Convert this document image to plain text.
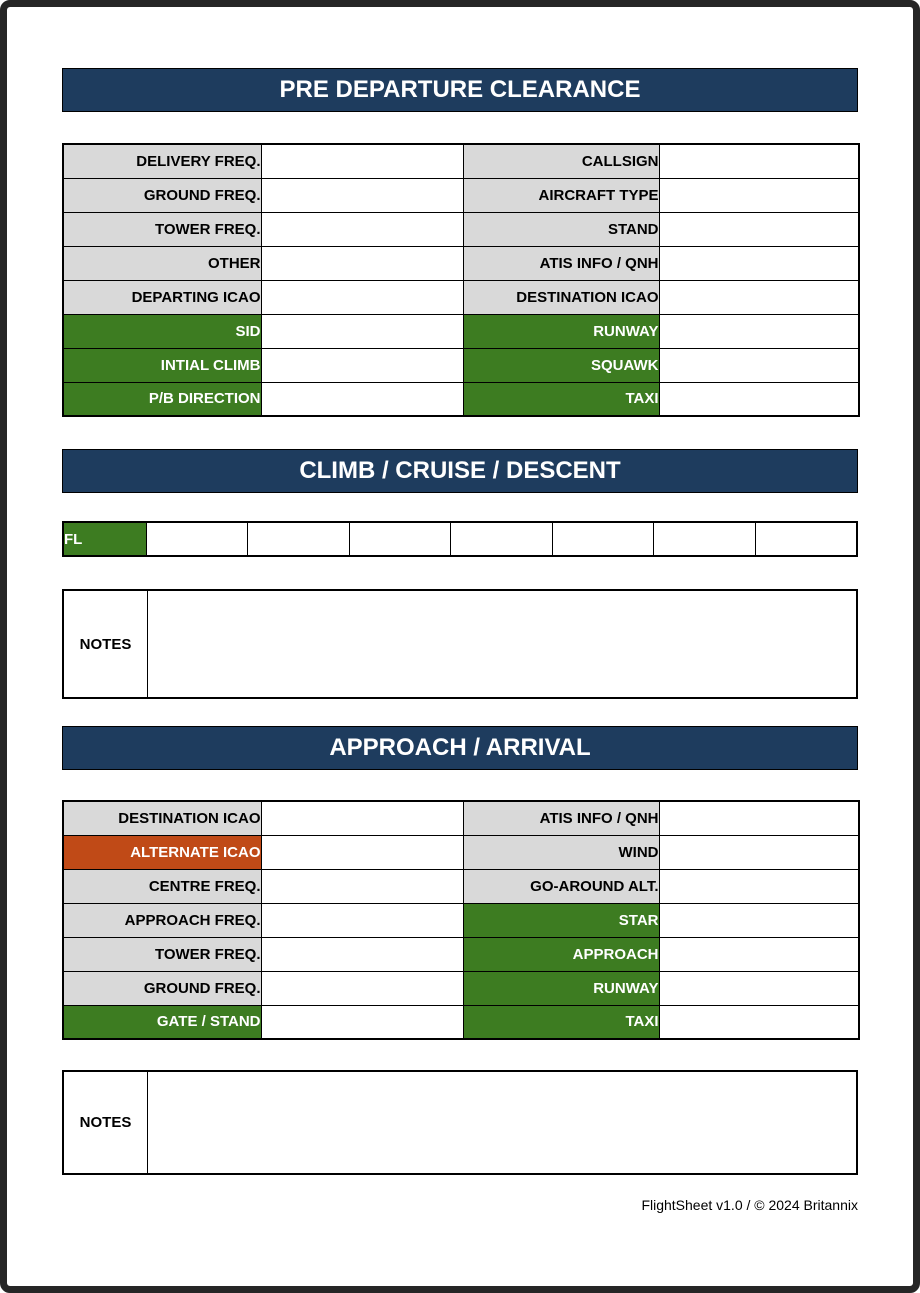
PRE DEPARTURE CLEARANCE
DELIVERY FREQ.		CALLSIGN	
GROUND FREQ.		AIRCRAFT TYPE	
TOWER FREQ.		STAND	
OTHER		ATIS INFO / QNH	
DEPARTING ICAO		DESTINATION ICAO	
SID		RUNWAY	
INTIAL CLIMB		SQUAWK	
P/B DIRECTION		TAXI	
CLIMB / CRUISE / DESCENT
FL							
NOTES
APPROACH / ARRIVAL
DESTINATION ICAO		ATIS INFO / QNH	
ALTERNATE ICAO		WIND	
CENTRE FREQ.		GO-AROUND ALT.	
APPROACH FREQ.		STAR	
TOWER FREQ.		APPROACH	
GROUND FREQ.		RUNWAY	
GATE / STAND		TAXI	
NOTES
FlightSheet v1.0 / © 2024 Britannix
